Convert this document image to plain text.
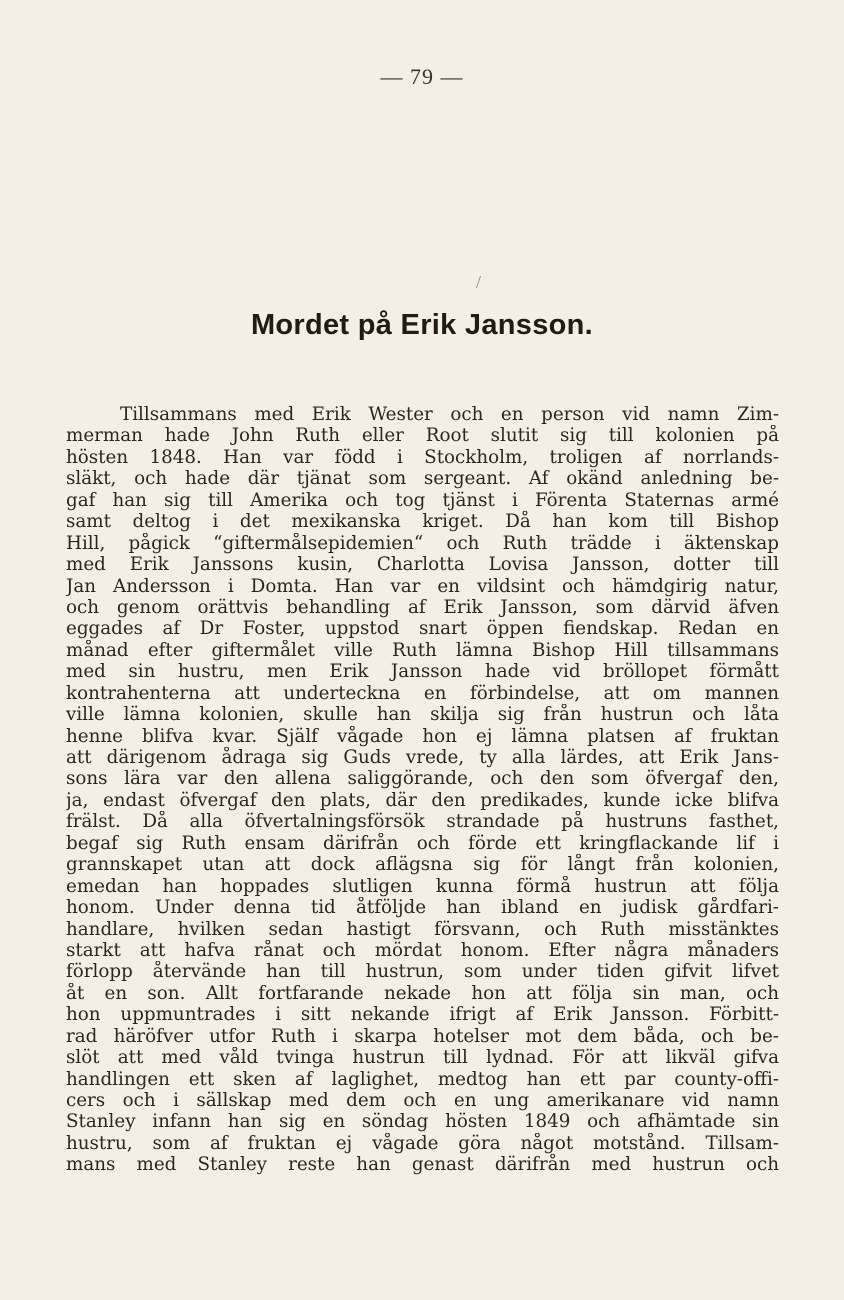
— 79 —
/
Mordet på Erik Jansson.
Tillsammans med Erik Wester och en person vid namn Zim-
merman hade John Ruth eller Root slutit sig till kolonien på
hösten 1848. Han var född i Stockholm, troligen af norrlands-
släkt, och hade där tjänat som sergeant. Af okänd anledning be-
gaf han sig till Amerika och tog tjänst i Förenta Staternas armé
samt deltog i det mexikanska kriget. Då han kom till Bishop
Hill, pågick “giftermålsepidemien“ och Ruth trädde i äktenskap
med Erik Janssons kusin, Charlotta Lovisa Jansson, dotter till
Jan Andersson i Domta. Han var en vildsint och hämdgirig natur,
och genom orättvis behandling af Erik Jansson, som därvid äfven
eggades af Dr Foster, uppstod snart öppen fiendskap. Redan en
månad efter giftermålet ville Ruth lämna Bishop Hill tillsammans
med sin hustru, men Erik Jansson hade vid bröllopet förmått
kontrahenterna att underteckna en förbindelse, att om mannen
ville lämna kolonien, skulle han skilja sig från hustrun och låta
henne blifva kvar. Själf vågade hon ej lämna platsen af fruktan
att därigenom ådraga sig Guds vrede, ty alla lärdes, att Erik Jans-
sons lära var den allena saliggörande, och den som öfvergaf den,
ja, endast öfvergaf den plats, där den predikades, kunde icke blifva
frälst. Då alla öfvertalningsförsök strandade på hustruns fasthet,
begaf sig Ruth ensam därifrån och förde ett kringflackande lif i
grannskapet utan att dock aflägsna sig för långt från kolonien,
emedan han hoppades slutligen kunna förmå hustrun att följa
honom. Under denna tid åtföljde han ibland en judisk gårdfari-
handlare, hvilken sedan hastigt försvann, och Ruth misstänktes
starkt att hafva rånat och mördat honom. Efter några månaders
förlopp återvände han till hustrun, som under tiden gifvit lifvet
åt en son. Allt fortfarande nekade hon att följa sin man, och
hon uppmuntrades i sitt nekande ifrigt af Erik Jansson. Förbitt-
rad häröfver utfor Ruth i skarpa hotelser mot dem båda, och be-
slöt att med våld tvinga hustrun till lydnad. För att likväl gifva
handlingen ett sken af laglighet, medtog han ett par county-offi-
cers och i sällskap med dem och en ung amerikanare vid namn
Stanley infann han sig en söndag hösten 1849 och afhämtade sin
hustru, som af fruktan ej vågade göra något motstånd. Tillsam-
mans med Stanley reste han genast därifrån med hustrun och
